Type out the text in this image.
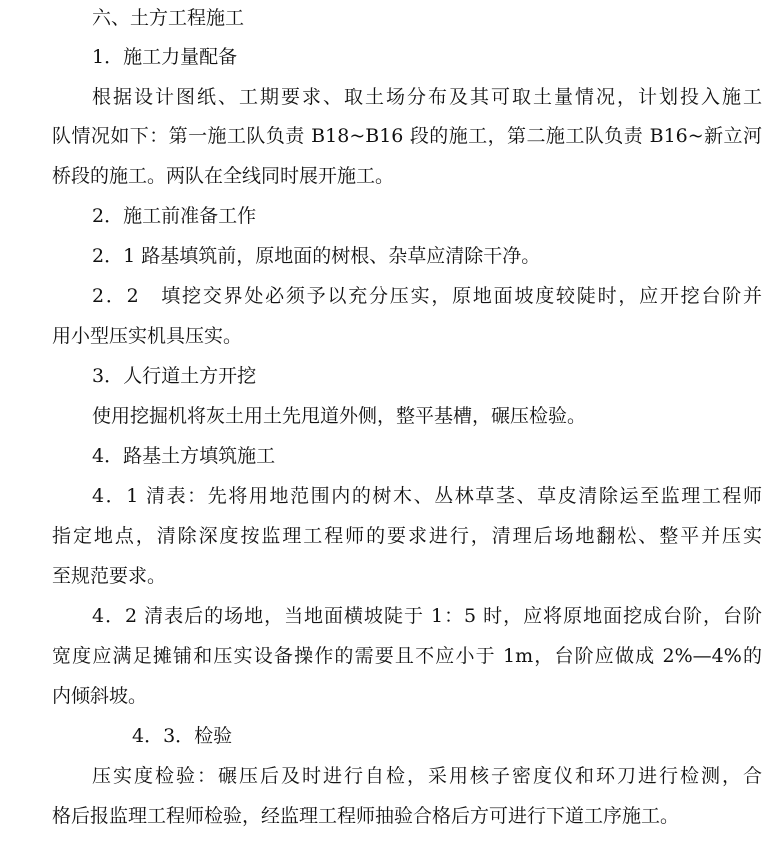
六、土方工程施工
1．施工力量配备
根据设计图纸、工期要求、取土场分布及其可取土量情况，计划投入施工
队情况如下：第一施工队负责 B18~B16 段的施工，第二施工队负责 B16~新立河
桥段的施工。两队在全线同时展开施工。
2．施工前准备工作
2．1 路基填筑前，原地面的树根、杂草应清除干净。
2．2　填挖交界处必须予以充分压实，原地面坡度较陡时，应开挖台阶并
用小型压实机具压实。
3．人行道土方开挖
使用挖掘机将灰土用土先甩道外侧，整平基槽，碾压检验。
4．路基土方填筑施工
4．1 清表：先将用地范围内的树木、丛林草茎、草皮清除运至监理工程师
指定地点，清除深度按监理工程师的要求进行，清理后场地翻松、整平并压实
至规范要求。
4．2 清表后的场地，当地面横坡陡于 1：5 时，应将原地面挖成台阶，台阶
宽度应满足摊铺和压实设备操作的需要且不应小于 1m，台阶应做成 2%—4%的
内倾斜坡。
4．3．检验
压实度检验：碾压后及时进行自检，采用核子密度仪和环刀进行检测，合
格后报监理工程师检验，经监理工程师抽验合格后方可进行下道工序施工。
